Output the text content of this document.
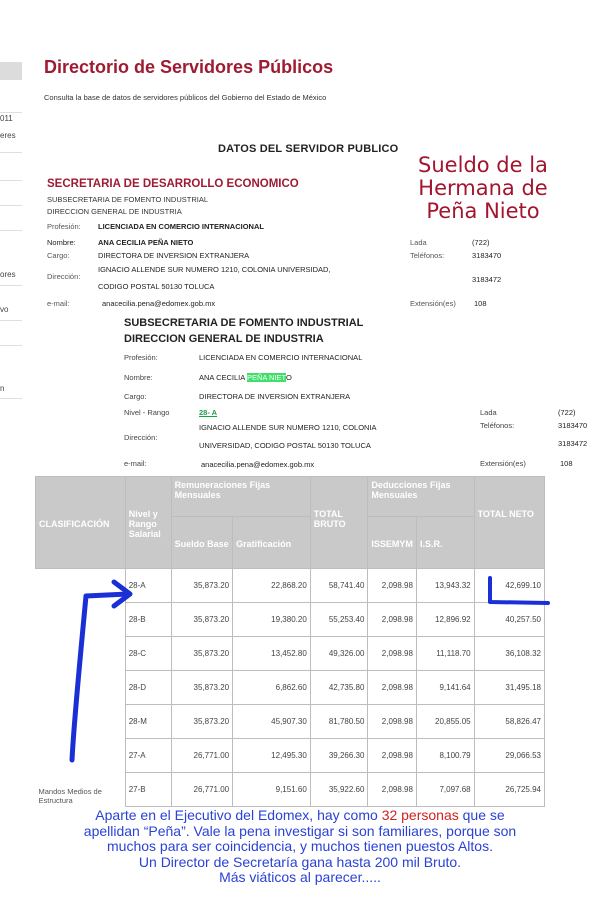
011
eres
ores
vo
n
Directorio de Servidores Públicos
Consulta la base de datos de servidores públicos del Gobierno del Estado de México
DATOS DEL SERVIDOR PUBLICO
SECRETARIA DE DESARROLLO ECONOMICO
SUBSECRETARIA DE FOMENTO INDUSTRIAL
DIRECCION GENERAL DE INDUSTRIA
Profesión: LICENCIADA EN COMERCIO INTERNACIONAL
Nombre:	ANA CECILIA PEÑA NIETO
Cargo:	DIRECTORA DE INVERSION EXTRANJERA
Dirección:
IGNACIO ALLENDE SUR NUMERO 1210, COLONIA UNIVERSIDAD,
CODIGO POSTAL 50130 TOLUCA
e-mail:	anacecilia.pena@edomex.gob.mx
Lada	(722)
Teléfonos:	3183470
3183472
Extensión(es) 108
Sueldo de la
Hermana de
Peña Nieto
SUBSECRETARIA DE FOMENTO INDUSTRIAL
DIRECCION GENERAL DE INDUSTRIA
Profesión:	LICENCIADA EN COMERCIO INTERNACIONAL
Nombre:	ANA CECILIA PEÑA NIETO
Cargo:	DIRECTORA DE INVERSION EXTRANJERA
Nivel - Rango	28- A
Dirección:
IGNACIO ALLENDE SUR NUMERO 1210, COLONIA
UNIVERSIDAD, CODIGO POSTAL 50130 TOLUCA
e-mail:	anacecilia.pena@edomex.gob.mx
Lada	(722)
Teléfonos:	3183470
3183472
Extensión(es)	108
CLASIFICACIÓN	Nivel y Rango Salarial	Remuneraciones Fijas Mensuales		TOTAL BRUTO	Deducciones Fijas Mensuales		TOTAL NETO
		Sueldo Base	Gratificación		ISSEMYM	I.S.R.	
Mandos Medios de Estructura	28-A	35,873.20	22,868.20	58,741.40	2,098.98	13,943.32	42,699.10
	28-B	35,873.20	19,380.20	55,253.40	2,098.98	12,896.92	40,257.50
	28-C	35,873.20	13,452.80	49,326.00	2,098.98	11,118.70	36,108.32
	28-D	35,873.20	6,862.60	42,735.80	2,098.98	9,141.64	31,495.18
	28-M	35,873.20	45,907.30	81,780.50	2,098.98	20,855.05	58,826.47
	27-A	26,771.00	12,495.30	39,266.30	2,098.98	8,100.79	29,066.53
	27-B	26,771.00	9,151.60	35,922.60	2,098.98	7,097.68	26,725.94
Aparte en el Ejecutivo del Edomex, hay como 32 personas que se
apellidan “Peña”. Vale la pena investigar si son familiares, porque son
muchos para ser coincidencia, y muchos tienen puestos Altos.
Un Director de Secretaría gana hasta 200 mil Bruto.
Más viáticos al parecer.....
